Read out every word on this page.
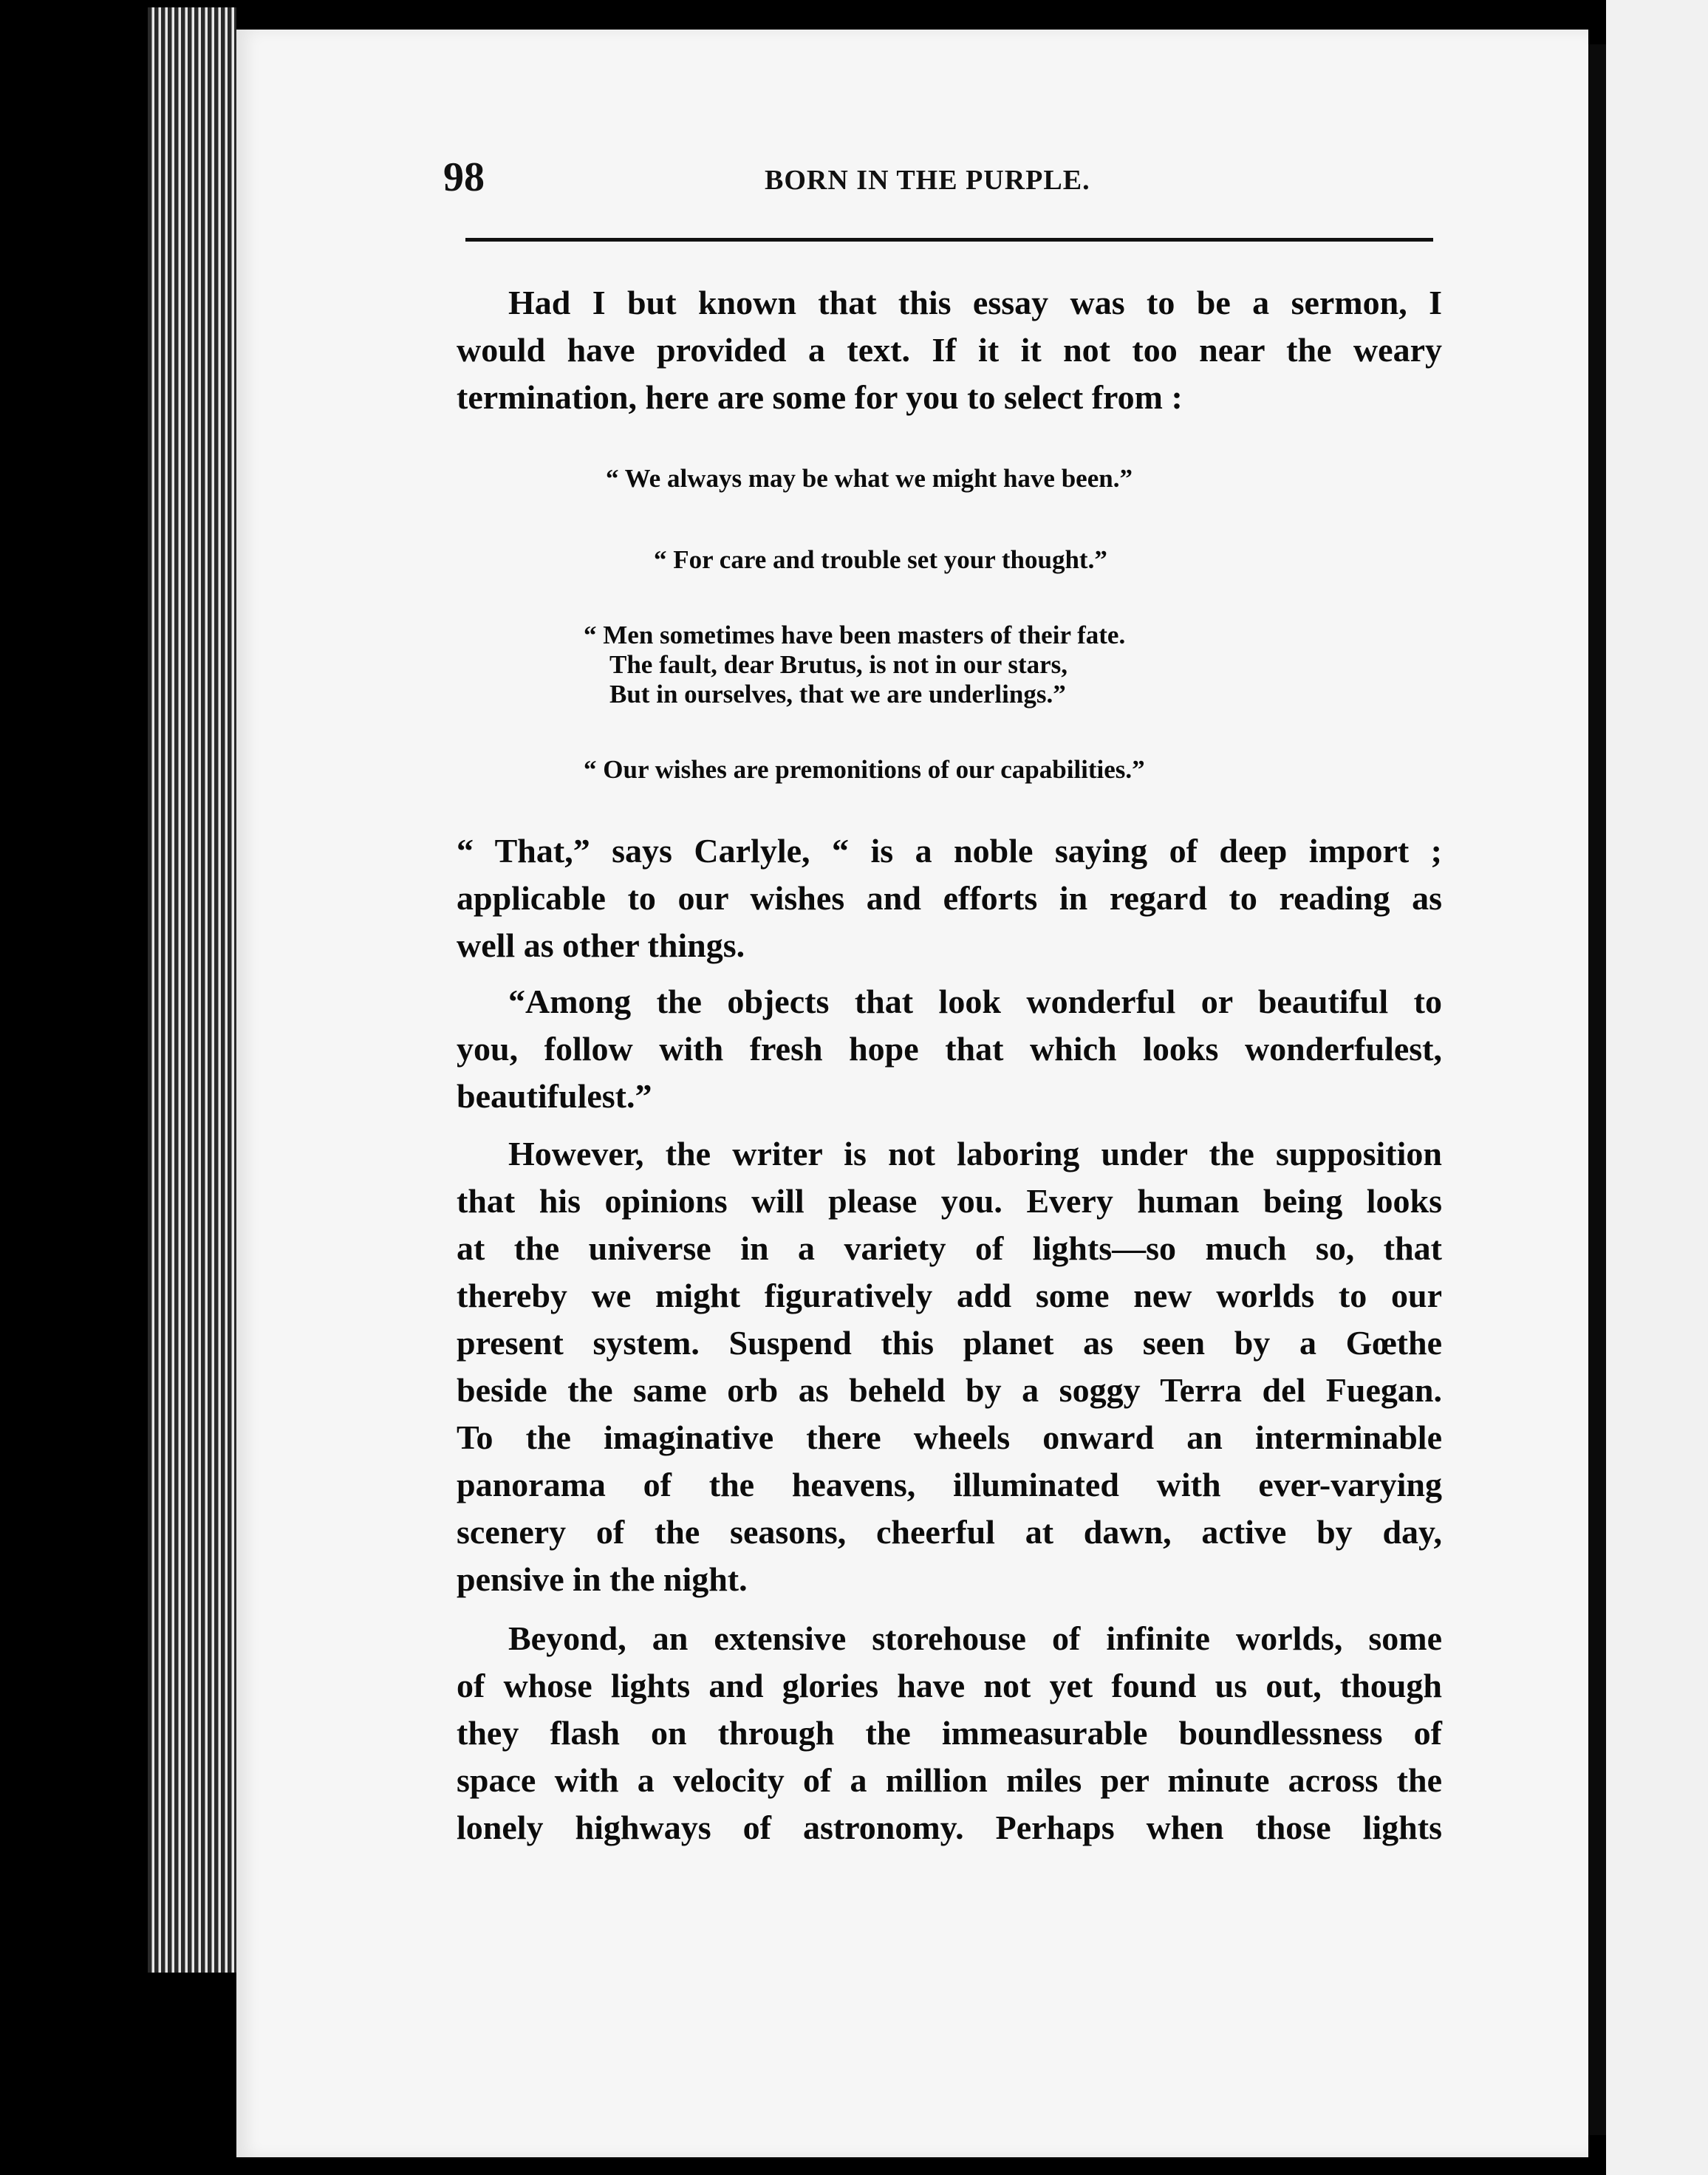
98	BORN IN THE PURPLE.
Had I but known that this essay was to be a sermon, I
would have provided a text. If it it not too near the weary
termination, here are some for you to select from :
“ We always may be what we might have been.”
“ For care and trouble set your thought.”
“ Men sometimes have been masters of their fate.
The fault, dear Brutus, is not in our stars,
But in ourselves, that we are underlings.”
“ Our wishes are premonitions of our capabilities.”
“ That,” says Carlyle, “ is a noble saying of deep import ;
applicable to our wishes and efforts in regard to reading as
well as other things.
“Among the objects that look wonderful or beautiful to
you, follow with fresh hope that which looks wonderfulest,
beautifulest.”
However, the writer is not laboring under the supposition
that his opinions will please you. Every human being looks
at the universe in a variety of lights—so much so, that
thereby we might figuratively add some new worlds to our
present system. Suspend this planet as seen by a Gœthe
beside the same orb as beheld by a soggy Terra del Fuegan.
To the imaginative there wheels onward an interminable
panorama of the heavens, illuminated with ever-varying
scenery of the seasons, cheerful at dawn, active by day,
pensive in the night.
Beyond, an extensive storehouse of infinite worlds, some
of whose lights and glories have not yet found us out, though
they flash on through the immeasurable boundlessness of
space with a velocity of a million miles per minute across the
lonely highways of astronomy. Perhaps when those lights
